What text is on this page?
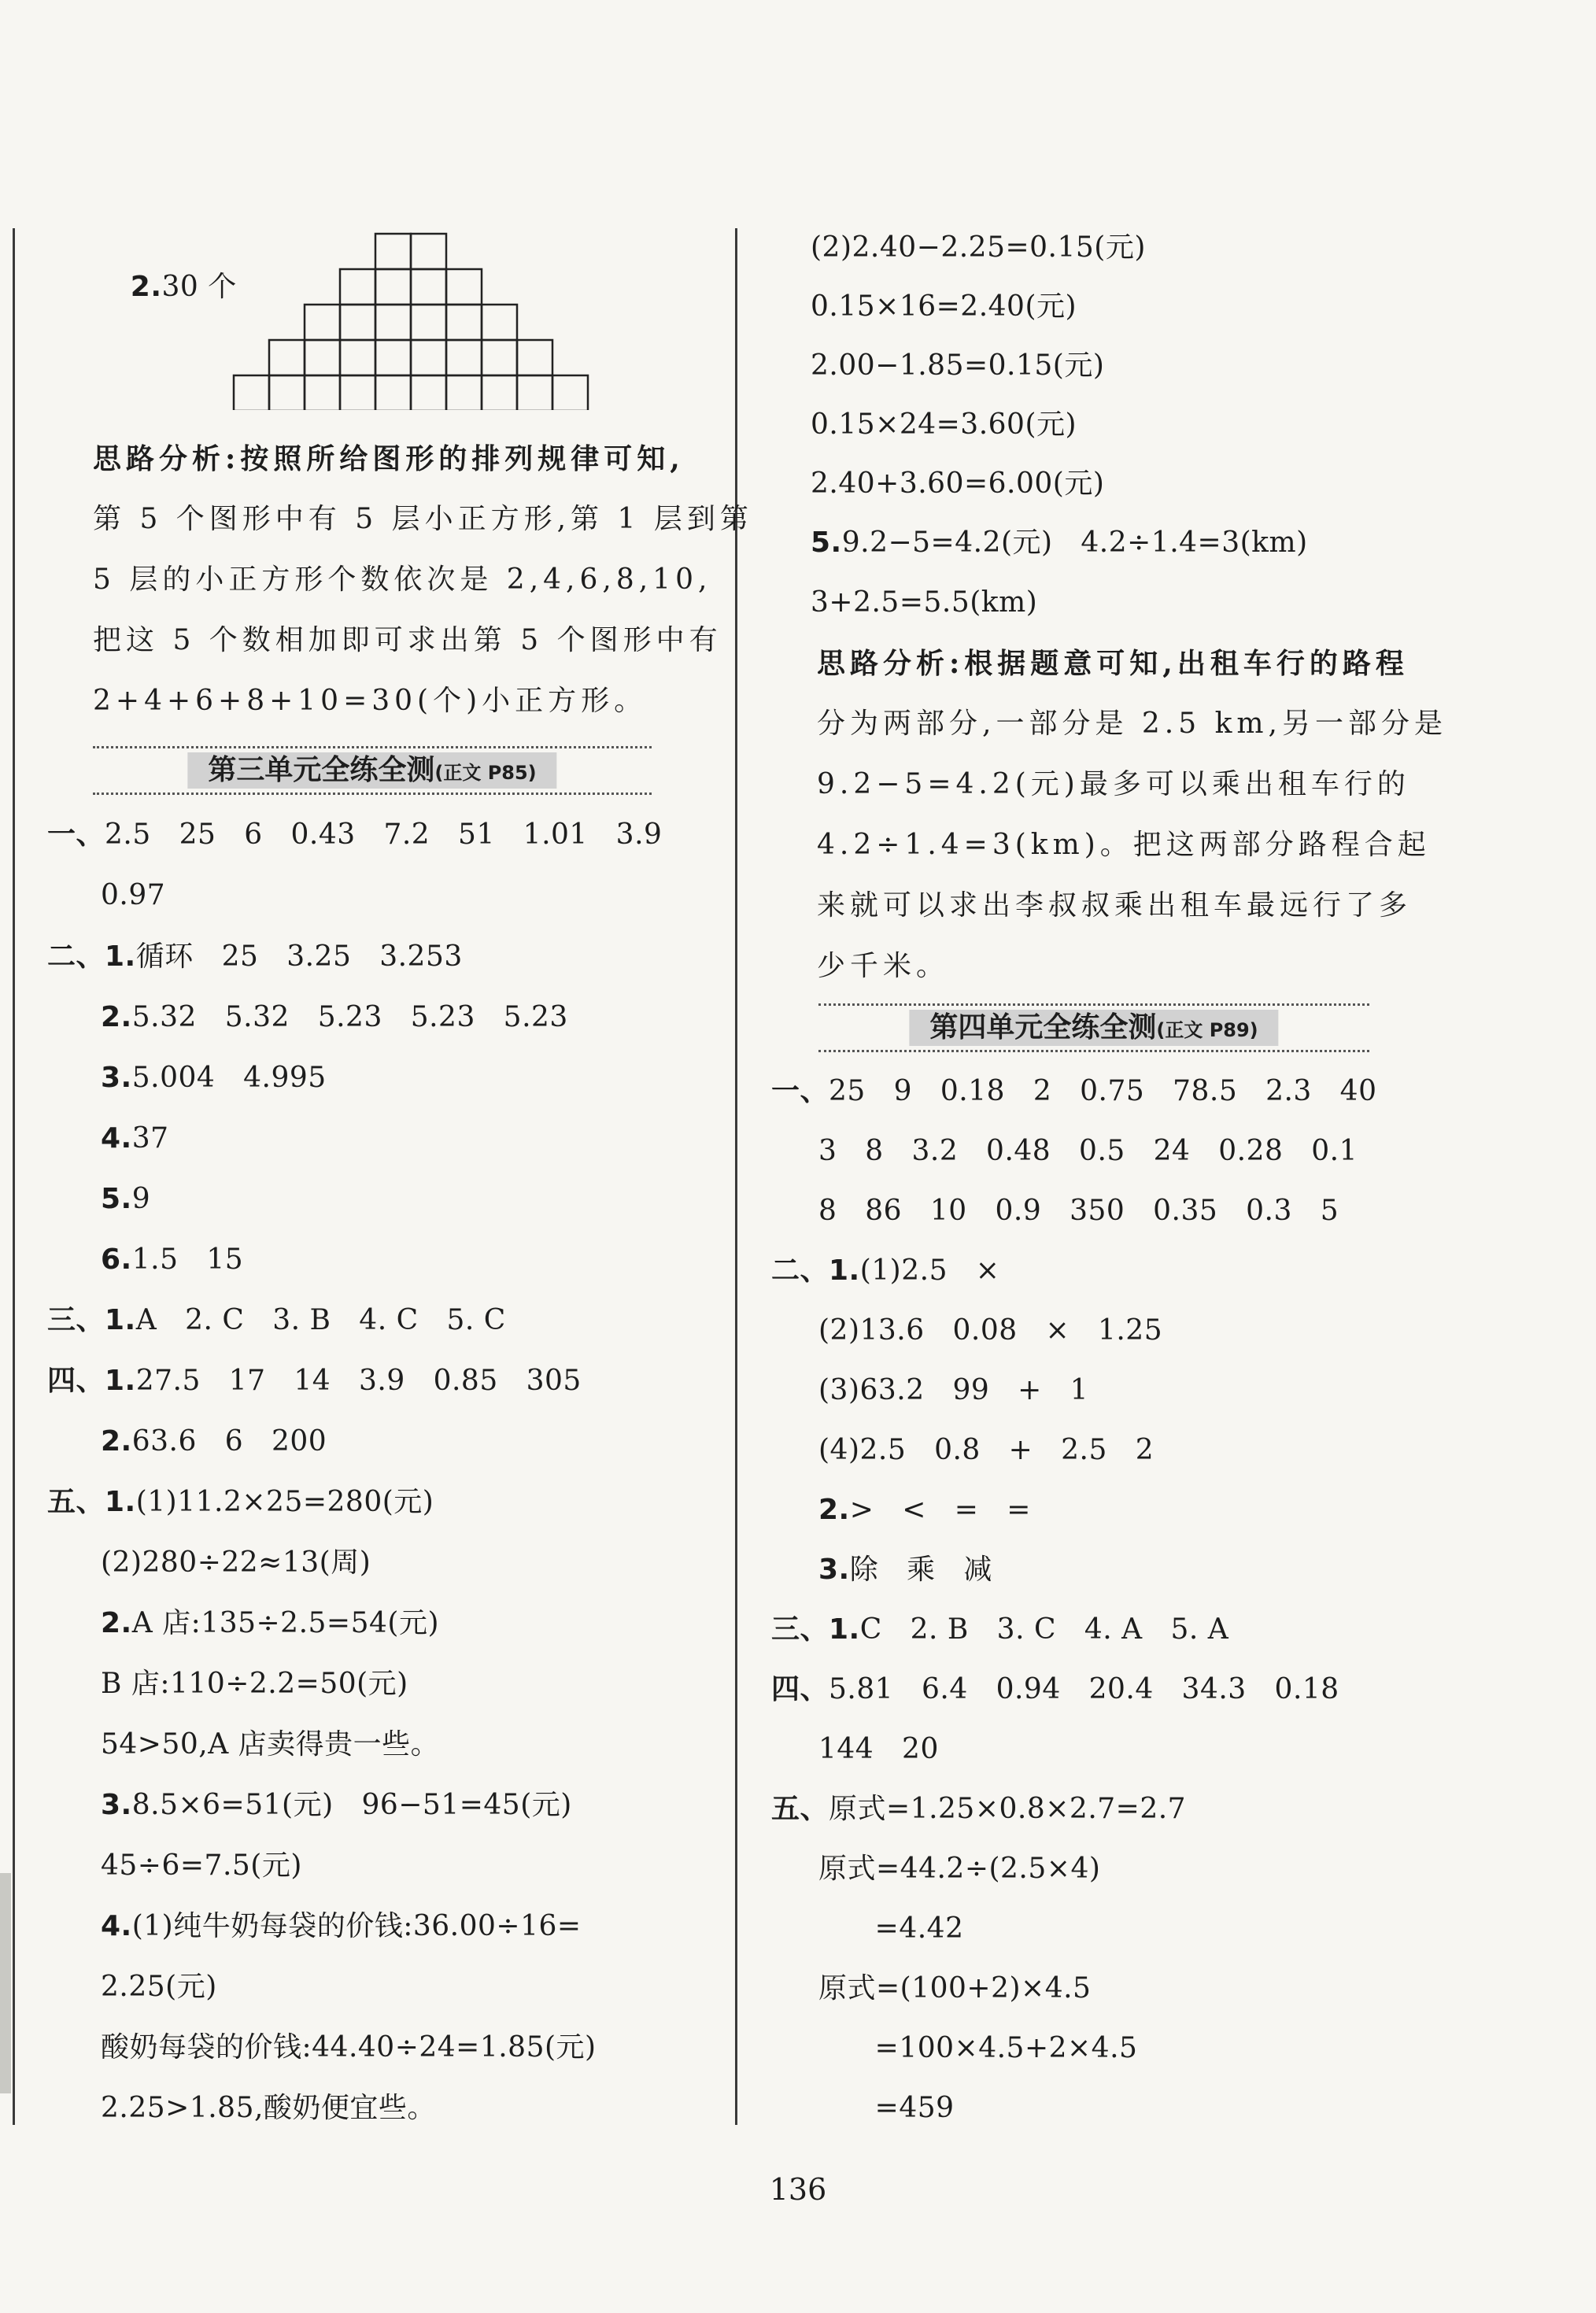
2.30 个

思路分析:按照所给图形的排列规律可知,
第 5 个图形中有 5 层小正方形,第 1 层到第
5 层的小正方形个数依次是 2,4,6,8,10,
把这 5 个数相加即可求出第 5 个图形中有
2+4+6+8+10=30(个)小正方形。
第三单元全练全测(正文 P85)
一、2.5   25   6   0.43   7.2   51   1.01   3.9
0.97
二、1.循环   25   3.25   3.253
2.5.32   5.32   5.23   5.23   5.23
3.5.004   4.995
4.37
5.9
6.1.5   15
三、1.A   2. C   3. B   4. C   5. C
四、1.27.5   17   14   3.9   0.85   305
2.63.6   6   200
五、1.(1)11.2×25=280(元)
(2)280÷22≈13(周)
2.A 店:135÷2.5=54(元)
B 店:110÷2.2=50(元)
54>50,A 店卖得贵一些。
3.8.5×6=51(元)   96−51=45(元)
45÷6=7.5(元)
4.(1)纯牛奶每袋的价钱:36.00÷16=
2.25(元)
酸奶每袋的价钱:44.40÷24=1.85(元)
2.25>1.85,酸奶便宜些。
(2)2.40−2.25=0.15(元)
0.15×16=2.40(元)
2.00−1.85=0.15(元)
0.15×24=3.60(元)
2.40+3.60=6.00(元)
5.9.2−5=4.2(元)   4.2÷1.4=3(km)
3+2.5=5.5(km)
思路分析:根据题意可知,出租车行的路程
分为两部分,一部分是 2.5 km,另一部分是
9.2−5=4.2(元)最多可以乘出租车行的
4.2÷1.4=3(km)。把这两部分路程合起
来就可以求出李叔叔乘出租车最远行了多
少千米。
第四单元全练全测(正文 P89)
一、25   9   0.18   2   0.75   78.5   2.3   40
3   8   3.2   0.48   0.5   24   0.28   0.1
8   86   10   0.9   350   0.35   0.3   5
二、1.(1)2.5   ×
(2)13.6   0.08   ×   1.25
(3)63.2   99   +   1
(4)2.5   0.8   +   2.5   2
2.>   <   =   =
3.除   乘   减
三、1.C   2. B   3. C   4. A   5. A
四、5.81   6.4   0.94   20.4   34.3   0.18
144   20
五、原式=1.25×0.8×2.7=2.7
原式=44.2÷(2.5×4)
=4.42
原式=(100+2)×4.5
=100×4.5+2×4.5
=459
136
